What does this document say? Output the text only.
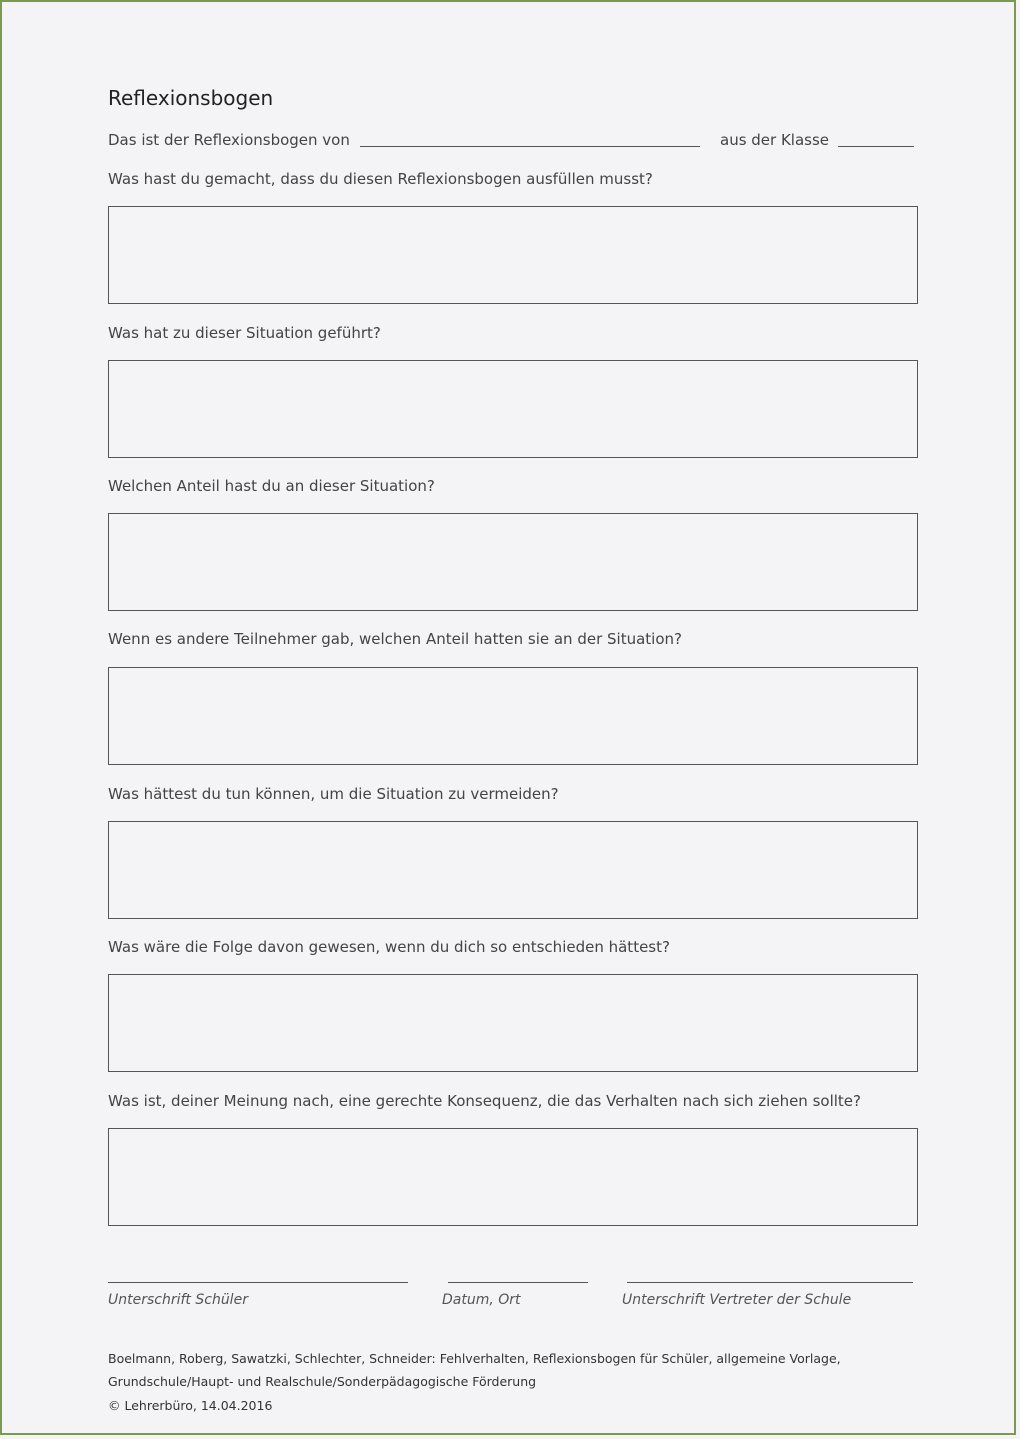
Reflexionsbogen
Das ist der Reflexionsbogen von	aus der Klasse
Was hast du gemacht, dass du diesen Reflexionsbogen ausfüllen musst?
Was hat zu dieser Situation geführt?
Welchen Anteil hast du an dieser Situation?
Wenn es andere Teilnehmer gab, welchen Anteil hatten sie an der Situation?
Was hättest du tun können, um die Situation zu vermeiden?
Was wäre die Folge davon gewesen, wenn du dich so entschieden hättest?
Was ist, deiner Meinung nach, eine gerechte Konsequenz, die das Verhalten nach sich ziehen sollte?
Unterschrift Schüler	Datum, Ort	Unterschrift Vertreter der Schule
Boelmann, Roberg, Sawatzki, Schlechter, Schneider: Fehlverhalten, Reflexionsbogen für Schüler, allgemeine Vorlage,
Grundschule/Haupt- und Realschule/Sonderpädagogische Förderung
© Lehrerbüro, 14.04.2016
